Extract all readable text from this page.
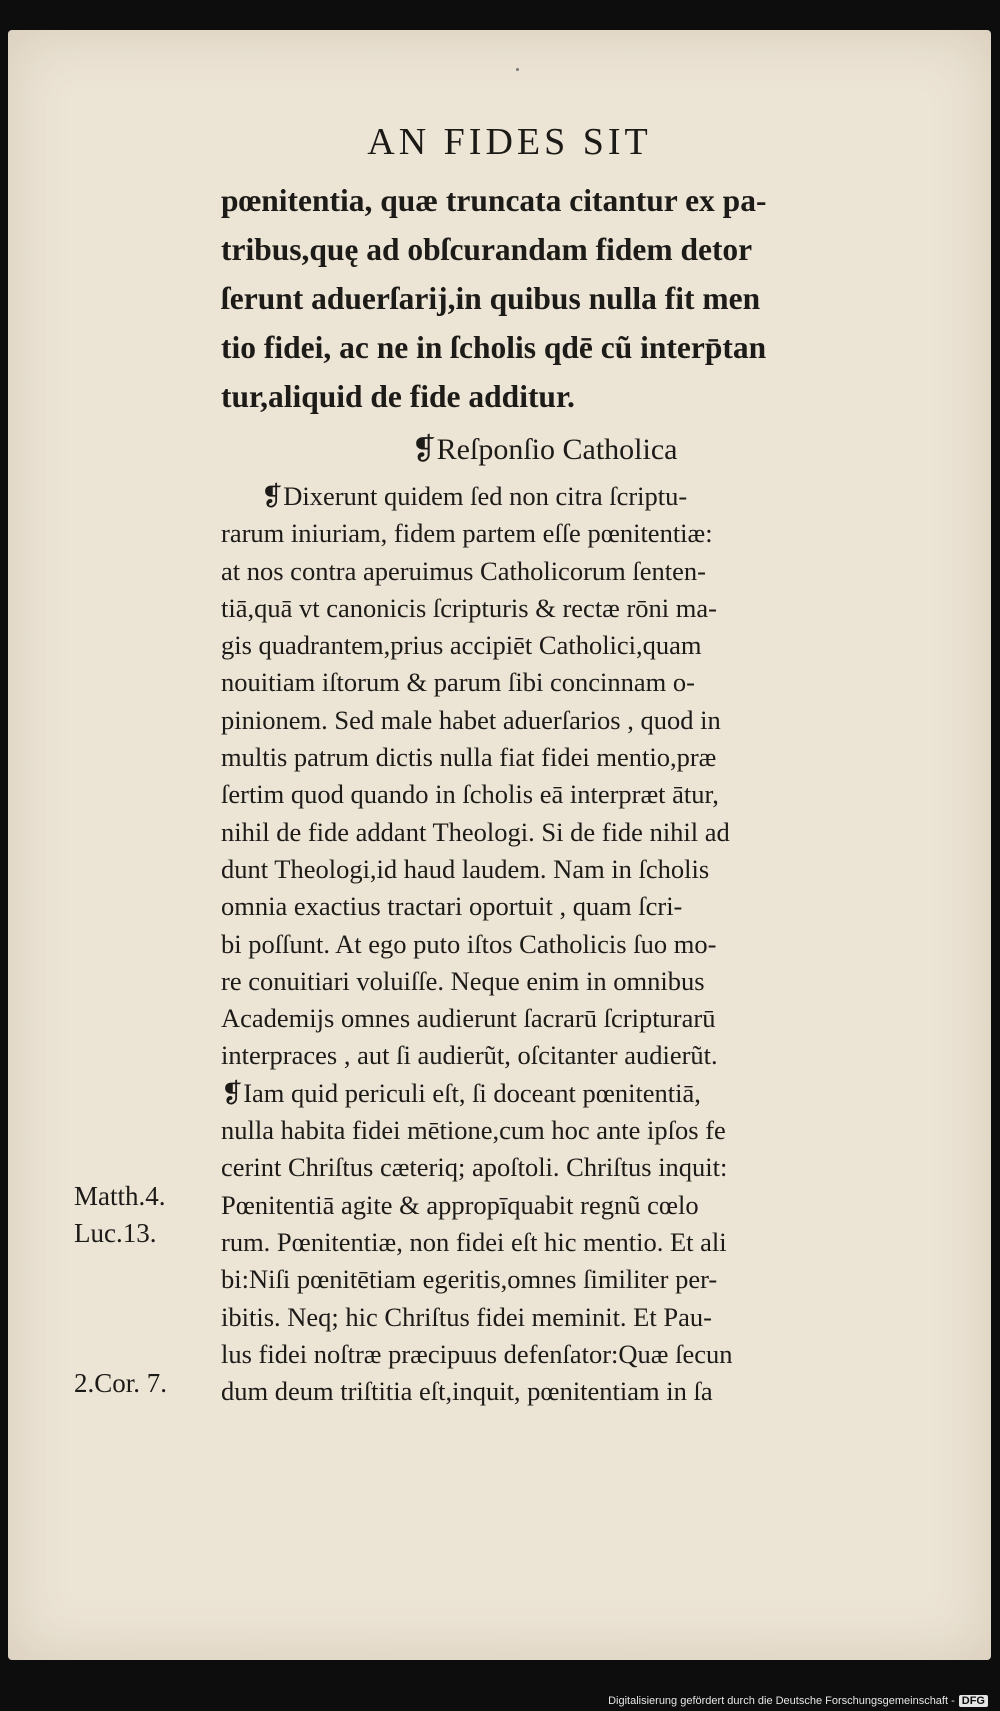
AN FIDES SIT
pœnitentia, quæ truncata citantur ex pa-
tribus,quę ad obſcurandam fidem detor
ſerunt aduerſarij,in quibus nulla fit men
tio fidei, ac ne in ſcholis qdē cũ interp̄tan
tur,aliquid de fide additur.
❡Reſponſio Catholica
❡Dixerunt quidem ſed non citra ſcriptu-
rarum iniuriam, fidem partem eſſe pœnitentiæ:
at nos contra aperuimus Catholicorum ſenten-
tiā,quā vt canonicis ſcripturis & rectæ rōni ma-
gis quadrantem,prius accipiēt Catholici,quam
nouitiam iſtorum & parum ſibi concinnam o-
pinionem. Sed male habet aduerſarios , quod in
multis patrum dictis nulla fiat fidei mentio,præ
ſertim quod quando in ſcholis eā interpræt ātur,
nihil de fide addant Theologi. Si de fide nihil ad
dunt Theologi,id haud laudem. Nam in ſcholis
omnia exactius tractari oportuit , quam ſcri-
bi poſſunt. At ego puto iſtos Catholicis ſuo mo-
re conuitiari voluiſſe. Neque enim in omnibus
Academijs omnes audierunt ſacrarū ſcripturarū
interpraces , aut ſi audierũt, oſcitanter audierũt.
❡Iam quid periculi eſt, ſi doceant pœnitentiā,
nulla habita fidei mētione,cum hoc ante ipſos fe
cerint Chriſtus cæteriq; apoſtoli. Chriſtus inquit:
Pœnitentiā agite & appropīquabit regnũ cœlo
rum. Pœnitentiæ, non fidei eſt hic mentio. Et ali
bi:Niſi pœnitētiam egeritis,omnes ſimiliter per-
ibitis. Neq; hic Chriſtus fidei meminit. Et Pau-
lus fidei noſtræ præcipuus defenſator:Quæ ſecun
dum deum triſtitia eſt,inquit, pœnitentiam in ſa
Matth.4.
Luc.13.
2.Cor. 7.
Digitalisierung gefördert durch die Deutsche Forschungsgemeinschaft - DFG
